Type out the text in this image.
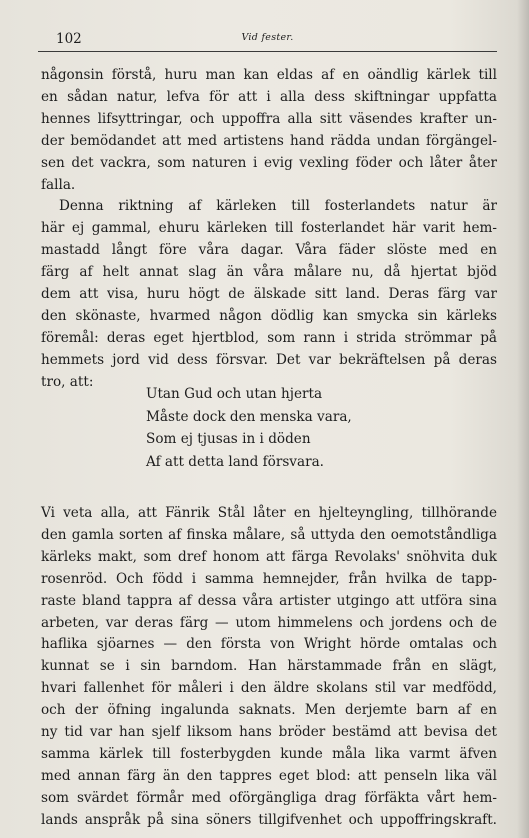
102	Vid fester.
någonsin förstå, huru man kan eldas af en oändlig kärlek till
en sådan natur, lefva för att i alla dess skiftningar uppfatta
hennes lifsyttringar, och uppoffra alla sitt väsendes krafter un-
der bemödandet att med artistens hand rädda undan förgängel-
sen det vackra, som naturen i evig vexling föder och låter åter
falla.
Denna riktning af kärleken till fosterlandets natur är
här ej gammal, ehuru kärleken till fosterlandet här varit hem-
mastadd långt före våra dagar. Våra fäder slöste med en
färg af helt annat slag än våra målare nu, då hjertat bjöd
dem att visa, huru högt de älskade sitt land. Deras färg var
den skönaste, hvarmed någon dödlig kan smycka sin kärleks
föremål: deras eget hjertblod, som rann i strida strömmar på
hemmets jord vid dess försvar. Det var bekräftelsen på deras
tro, att:
Utan Gud och utan hjerta
Måste dock den menska vara,
Som ej tjusas in i döden
Af att detta land försvara.
Vi veta alla, att Fänrik Stål låter en hjelteyngling, tillhörande
den gamla sorten af finska målare, så uttyda den oemotståndliga
kärleks makt, som dref honom att färga Revolaks' snöhvita duk
rosenröd. Och född i samma hemnejder, från hvilka de tapp-
raste bland tappra af dessa våra artister utgingo att utföra sina
arbeten, var deras färg — utom himmelens och jordens och de
haflika sjöarnes — den första von Wright hörde omtalas och
kunnat se i sin barndom. Han härstammade från en slägt,
hvari fallenhet för måleri i den äldre skolans stil var medfödd,
och der öfning ingalunda saknats. Men derjemte barn af en
ny tid var han sjelf liksom hans bröder bestämd att bevisa det
samma kärlek till fosterbygden kunde måla lika varmt äfven
med annan färg än den tappres eget blod: att penseln lika väl
som svärdet förmår med oförgängliga drag förfäkta vårt hem-
lands anspråk på sina söners tillgifvenhet och uppoffringskraft.
